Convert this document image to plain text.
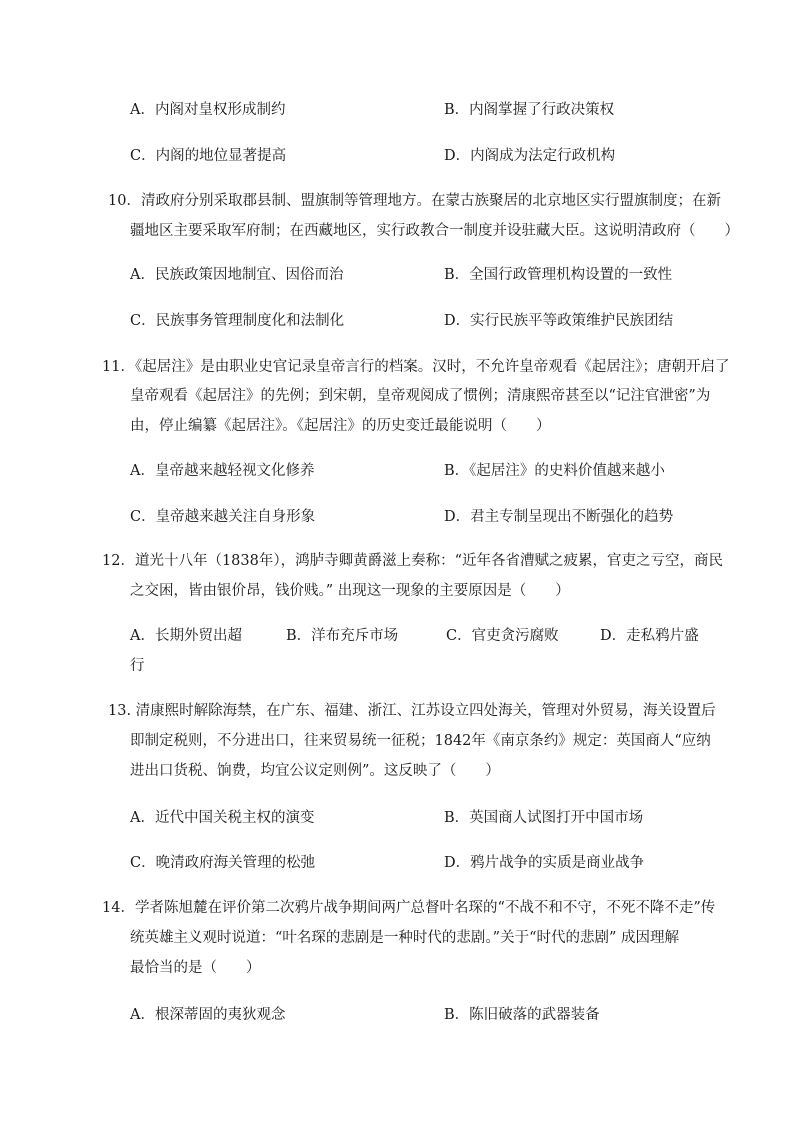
A．内阁对皇权形成制约	B．内阁掌握了行政决策权
C．内阁的地位显著提高	D．内阁成为法定行政机构
10．清政府分别采取郡县制、盟旗制等管理地方。在蒙古族聚居的北京地区实行盟旗制度；在新
疆地区主要采取军府制；在西藏地区，实行政教合一制度并设驻藏大臣。这说明清政府（　　）
A．民族政策因地制宜、因俗而治	B．全国行政管理机构设置的一致性
C．民族事务管理制度化和法制化	D．实行民族平等政策维护民族团结
11．《起居注》是由职业史官记录皇帝言行的档案。汉时，不允许皇帝观看《起居注》；唐朝开启了
皇帝观看《起居注》的先例；到宋朝，皇帝观阅成了惯例；清康熙帝甚至以“记注官泄密”为
由，停止编纂《起居注》。《起居注》的历史变迁最能说明（　　）
A．皇帝越来越轻视文化修养	B．《起居注》的史料价值越来越小
C．皇帝越来越关注自身形象	D．君主专制呈现出不断强化的趋势
12．道光十八年（1838年），鸿胪寺卿黄爵滋上奏称：“近年各省漕赋之疲累，官吏之亏空，商民
之交困，皆由银价昂，钱价贱。” 出现这一现象的主要原因是（　　）
A．长期外贸出超	B．洋布充斥市场	C．官吏贪污腐败	D．走私鸦片盛
行
13. 清康熙时解除海禁，在广东、福建、浙江、江苏设立四处海关，管理对外贸易，海关设置后
即制定税则，不分进出口，往来贸易统一征税；1842年《南京条约》规定：英国商人“应纳
进出口货税、饷费，均宜公议定则例”。这反映了（　　）
A．近代中国关税主权的演变	B．英国商人试图打开中国市场
C．晚清政府海关管理的松弛	D．鸦片战争的实质是商业战争
14．学者陈旭麓在评价第二次鸦片战争期间两广总督叶名琛的“不战不和不守，不死不降不走”传
统英雄主义观时说道：“叶名琛的悲剧是一种时代的悲剧。”关于“时代的悲剧” 成因理解
最恰当的是（　　）
A．根深蒂固的夷狄观念	B．陈旧破落的武器装备
